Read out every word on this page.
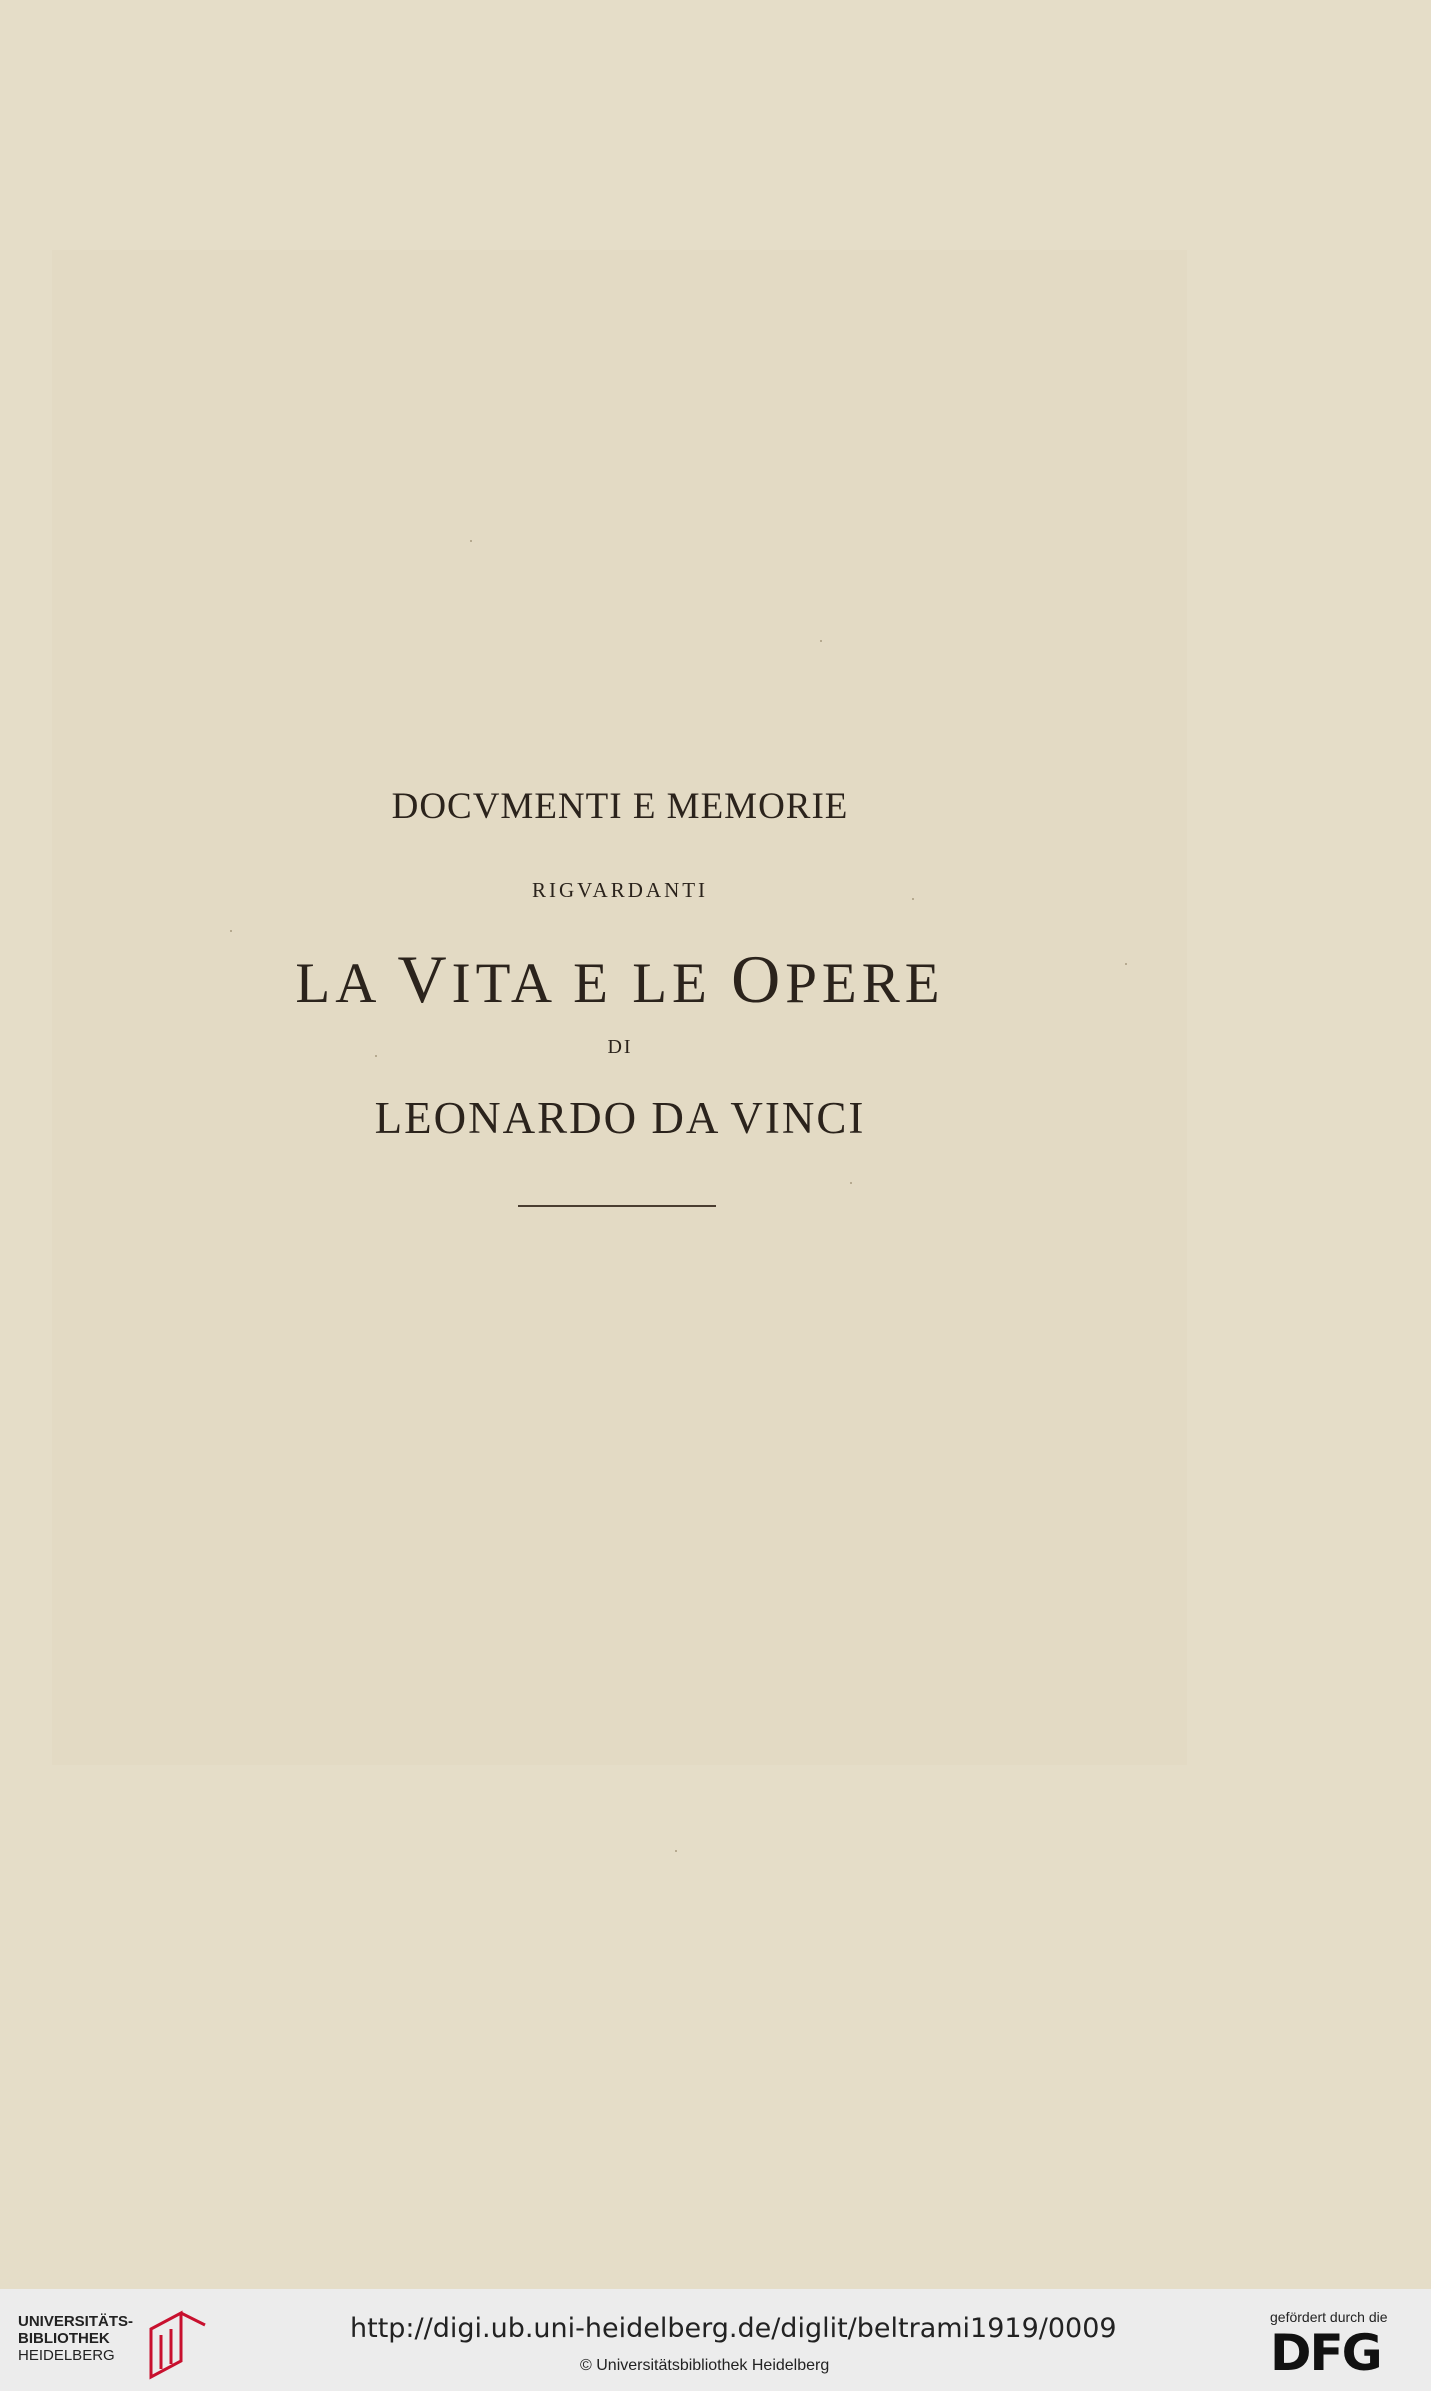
DOCVMENTI E MEMORIE
RIGVARDANTI
LA VITA E LE OPERE
DI
LEONARDO DA VINCI
UNIVERSITÄTS-
BIBLIOTHEK
HEIDELBERG
http://digi.ub.uni-heidelberg.de/diglit/beltrami1919/0009
© Universitätsbibliothek Heidelberg
gefördert durch die
DFG
